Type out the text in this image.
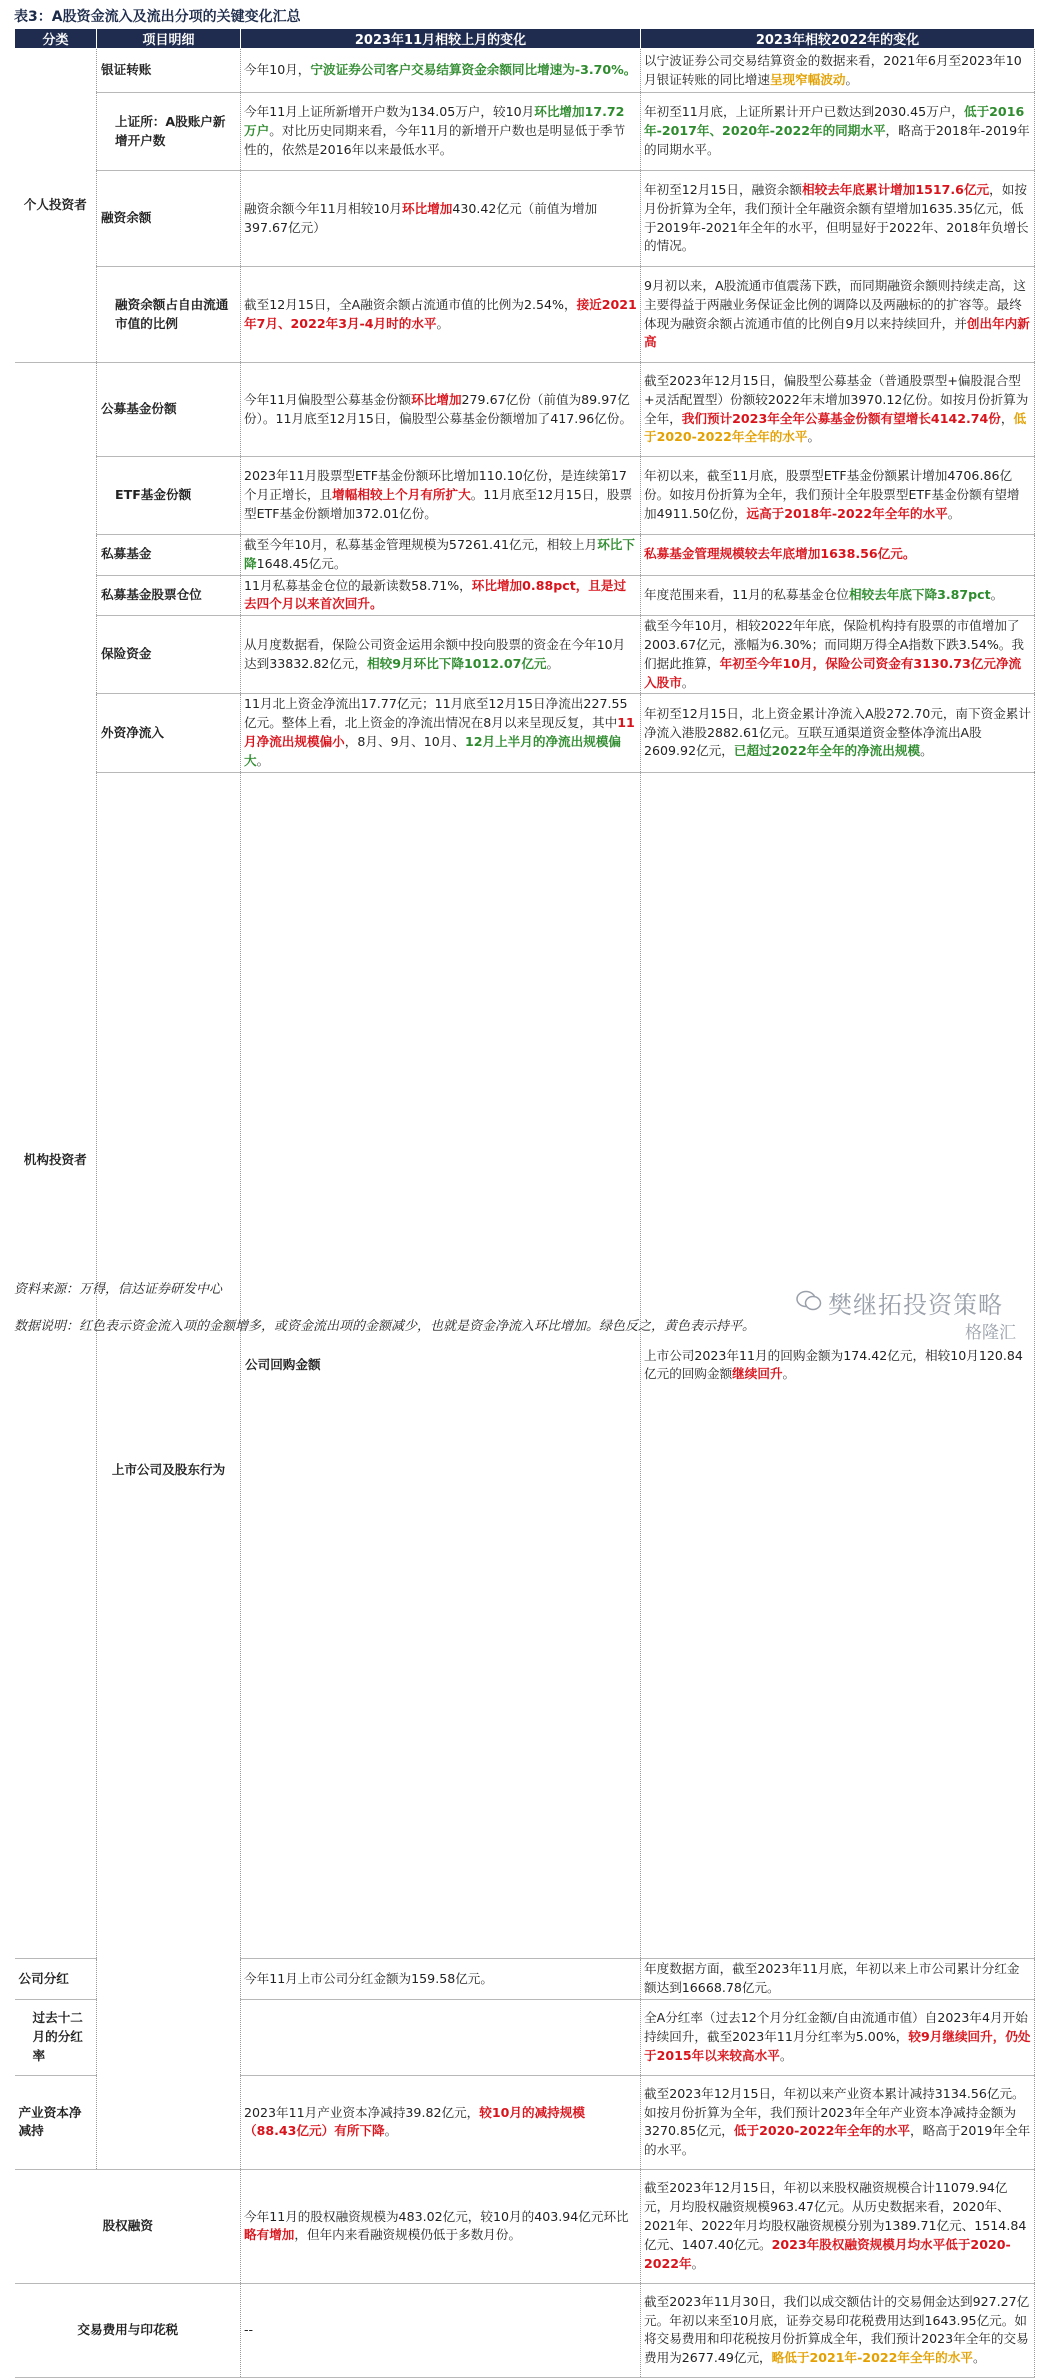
表3：A股资金流入及流出分项的关键变化汇总
分类	项目明细	2023年11月相较上月的变化	2023年相较2022年的变化	
个人投资者	银证转账	今年10月，宁波证券公司客户交易结算资金余额同比增速为-3.70%。	以宁波证券公司交易结算资金的数据来看，2021年6月至2023年10月银证转账的同比增速呈现窄幅波动。	
	上证所：A股账户新增开户数	今年11月上证所新增开户数为134.05万户，较10月环比增加17.72万户。对比历史同期来看，今年11月的新增开户数也是明显低于季节性的，依然是2016年以来最低水平。	年初至11月底，上证所累计开户已数达到2030.45万户，低于2016年-2017年、2020年-2022年的同期水平，略高于2018年-2019年的同期水平。	
	融资余额	融资余额今年11月相较10月环比增加430.42亿元（前值为增加397.67亿元）	年初至12月15日，融资余额相较去年底累计增加1517.6亿元，如按月份折算为全年，我们预计全年融资余额有望增加1635.35亿元，低于2019年-2021年全年的水平，但明显好于2022年、2018年负增长的情况。	
	融资余额占自由流通市值的比例	截至12月15日，全A融资余额占流通市值的比例为2.54%，接近2021年7月、2022年3月-4月时的水平。	9月初以来，A股流通市值震荡下跌，而同期融资余额则持续走高，这主要得益于两融业务保证金比例的调降以及两融标的的扩容等。最终体现为融资余额占流通市值的比例自9月以来持续回升，并创出年内新高	
机构投资者	公募基金份额	今年11月偏股型公募基金份额环比增加279.67亿份（前值为89.97亿份）。11月底至12月15日，偏股型公募基金份额增加了417.96亿份。	截至2023年12月15日，偏股型公募基金（普通股票型+偏股混合型+灵活配置型）份额较2022年末增加3970.12亿份。如按月份折算为全年，我们预计2023年全年公募基金份额有望增长4142.74份，低于2020-2022年全年的水平。	
	ETF基金份额	2023年11月股票型ETF基金份额环比增加110.10亿份，是连续第17个月正增长，且增幅相较上个月有所扩大。11月底至12月15日，股票型ETF基金份额增加372.01亿份。	年初以来，截至11月底，股票型ETF基金份额累计增加4706.86亿份。如按月份折算为全年，我们预计全年股票型ETF基金份额有望增加4911.50亿份，远高于2018年-2022年全年的水平。	
	私募基金	截至今年10月，私募基金管理规模为57261.41亿元，相较上月环比下降1648.45亿元。	私募基金管理规模较去年底增加1638.56亿元。	
	私募基金股票仓位	11月私募基金仓位的最新读数58.71%，环比增加0.88pct，且是过去四个月以来首次回升。	年度范围来看，11月的私募基金仓位相较去年底下降3.87pct。	
	保险资金	从月度数据看，保险公司资金运用余额中投向股票的资金在今年10月达到33832.82亿元，相较9月环比下降1012.07亿元。	截至今年10月，相较2022年年底，保险机构持有股票的市值增加了2003.67亿元，涨幅为6.30%；而同期万得全A指数下跌3.54%。我们据此推算，年初至今年10月，保险公司资金有3130.73亿元净流入股市。	
	外资净流入	11月北上资金净流出17.77亿元；11月底至12月15日净流出227.55亿元。整体上看，北上资金的净流出情况在8月以来呈现反复，其中11月净流出规模偏小，8月、9月、10月、12月上半月的净流出规模偏大。	年初至12月15日，北上资金累计净流入A股272.70元，南下资金累计净流入港股2882.61亿元。互联互通渠道资金整体净流出A股2609.92亿元，已超过2022年全年的净流出规模。	
	上市公司及股东行为	公司回购金额	上市公司2023年11月的回购金额为174.42亿元，相较10月120.84亿元的回购金额继续回升。	
公司分红		今年11月上市公司分红金额为159.58亿元。	年度数据方面，截至2023年11月底，年初以来上市公司累计分红金额达到16668.78亿元。	
过去十二月的分红率			全A分红率（过去12个月分红金额/自由流通市值）自2023年4月开始持续回升，截至2023年11月分红率为5.00%，较9月继续回升，仍处于2015年以来较高水平。	
产业资本净减持		2023年11月产业资本净减持39.82亿元，较10月的减持规模（88.43亿元）有所下降。	截至2023年12月15日，年初以来产业资本累计减持3134.56亿元。如按月份折算为全年，我们预计2023年全年产业资本净减持金额为3270.85亿元，低于2020-2022年全年的水平，略高于2019年全年的水平。	
股权融资		今年11月的股权融资规模为483.02亿元，较10月的403.94亿元环比略有增加，但年内来看融资规模仍低于多数月份。	截至2023年12月15日，年初以来股权融资规模合计11079.94亿元，月均股权融资规模963.47亿元。从历史数据来看，2020年、2021年、2022年月均股权融资规模分别为1389.71亿元、1514.84亿元、1407.40亿元。2023年股权融资规模月均水平低于2020-2022年。	
交易费用与印花税		--	截至2023年11月30日，我们以成交额估计的交易佣金达到927.27亿元。年初以来至10月底，证券交易印花税费用达到1643.95亿元。如将交易费用和印花税按月份折算成全年，我们预计2023年全年的交易费用为2677.49亿元，略低于2021年-2022年全年的水平。	
资料来源：万得，信达证券研发中心
樊继拓投资策略
格隆汇
数据说明：红色表示资金流入项的金额增多，或资金流出项的金额减少，也就是资金净流入环比增加。绿色反之，黄色表示持平。
